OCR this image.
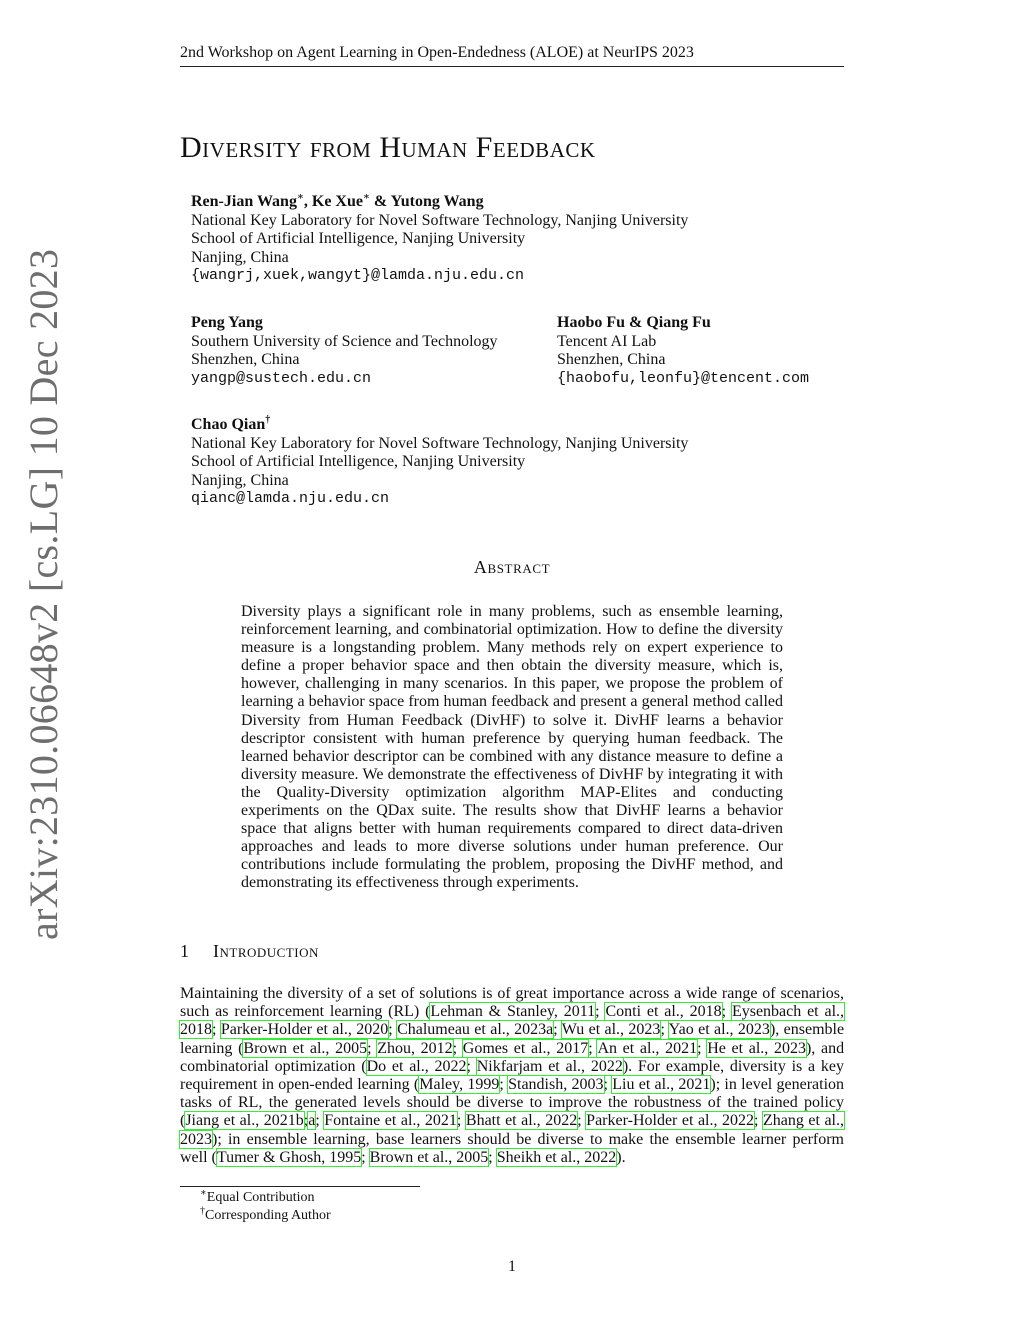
2nd Workshop on Agent Learning in Open-Endedness (ALOE) at NeurIPS 2023
arXiv:2310.06648v2 [cs.LG] 10 Dec 2023
Diversity from Human Feedback
Ren-Jian Wang∗, Ke Xue∗ & Yutong Wang
National Key Laboratory for Novel Software Technology, Nanjing University
School of Artificial Intelligence, Nanjing University
Nanjing, China
{wangrj,xuek,wangyt}@lamda.nju.edu.cn
Peng Yang
Southern University of Science and Technology
Shenzhen, China
yangp@sustech.edu.cn
Haobo Fu & Qiang Fu
Tencent AI Lab
Shenzhen, China
{haobofu,leonfu}@tencent.com
Chao Qian†
National Key Laboratory for Novel Software Technology, Nanjing University
School of Artificial Intelligence, Nanjing University
Nanjing, China
qianc@lamda.nju.edu.cn
Abstract
Diversity plays a significant role in many problems, such as ensemble learning, reinforcement learning, and combinatorial optimization. How to define the diversity measure is a longstanding problem. Many methods rely on expert experience to define a proper behavior space and then obtain the diversity measure, which is, however, challenging in many scenarios. In this paper, we propose the problem of learning a behavior space from human feedback and present a general method called Diversity from Human Feedback (DivHF) to solve it. DivHF learns a behavior descriptor consistent with human preference by querying human feedback. The learned behavior descriptor can be combined with any distance measure to define a diversity measure. We demonstrate the effectiveness of DivHF by integrating it with the Quality-Diversity optimization algorithm MAP-Elites and conducting experiments on the QDax suite. The results show that DivHF learns a behavior space that aligns better with human requirements compared to direct data-driven approaches and leads to more diverse solutions under human preference. Our contributions include formulating the problem, proposing the DivHF method, and demonstrating its effectiveness through experiments.
1 Introduction
Maintaining the diversity of a set of solutions is of great importance across a wide range of scenarios, such as reinforcement learning (RL) (Lehman & Stanley, 2011; Conti et al., 2018; Eysenbach et al., 2018; Parker-Holder et al., 2020; Chalumeau et al., 2023a; Wu et al., 2023; Yao et al., 2023), ensemble learning (Brown et al., 2005; Zhou, 2012; Gomes et al., 2017; An et al., 2021; He et al., 2023), and combinatorial optimization (Do et al., 2022; Nikfarjam et al., 2022). For example, diversity is a key requirement in open-ended learning (Maley, 1999; Standish, 2003; Liu et al., 2021); in level generation tasks of RL, the generated levels should be diverse to improve the robustness of the trained policy (Jiang et al., 2021b;a; Fontaine et al., 2021; Bhatt et al., 2022; Parker-Holder et al., 2022; Zhang et al., 2023); in ensemble learning, base learners should be diverse to make the ensemble learner perform well (Tumer & Ghosh, 1995; Brown et al., 2005; Sheikh et al., 2022).
∗Equal Contribution
†Corresponding Author
1
